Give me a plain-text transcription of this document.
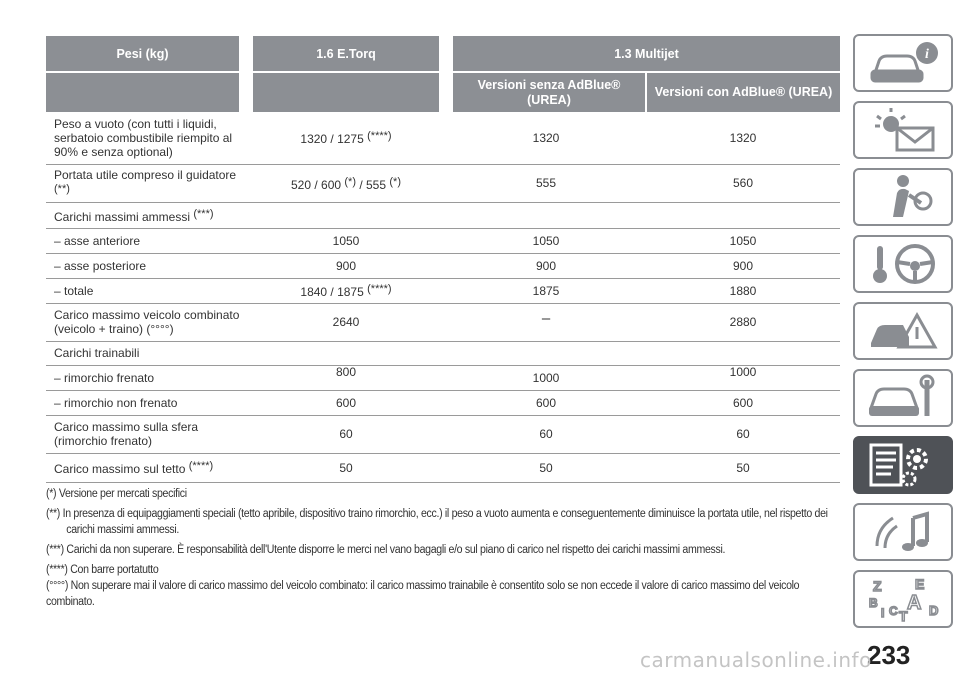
Pesi (kg)	1.6 E.Torq	1.3 Multijet	
		Versioni senza AdBlue® (UREA)	Versioni con AdBlue® (UREA)
Peso a vuoto (con tutti i liquidi, serbatoio combustibile riempito al 90% e senza optional)	1320 / 1275 (****)	1320	1320
Portata utile compreso il guidatore (**)	520 / 600 (*) / 555 (*)	555	560
Carichi massimi ammessi (***)			
– asse anteriore	1050	1050	1050
– asse posteriore	900	900	900
– totale	1840 / 1875 (****)	1875	1880
Carico massimo veicolo combinato (veicolo + traino) (°°°°)	2640	–	2880
Carichi trainabili			
– rimorchio frenato	800	1000	1000
– rimorchio non frenato	600	600	600
Carico massimo sulla sfera (rimorchio frenato)	60	60	60
Carico massimo sul tetto (****)	50	50	50

(*) Versione per mercati specifici

(**) In presenza di equipaggiamenti speciali (tetto apribile, dispositivo traino rimorchio, ecc.) il peso a vuoto aumenta e conseguentemente diminuisce la portata utile, nel rispetto dei carichi massimi ammessi.

(***) Carichi da non superare. È responsabilità dell'Utente disporre le merci nel vano bagagli e/o sul piano di carico nel rispetto dei carichi massimi ammessi.

(****) Con barre portatutto

(°°°°) Non superare mai il valore di carico massimo del veicolo combinato: il carico massimo trainabile è consentito solo se non eccede il valore di carico massimo del veicolo combinato.

i
Z E
B A
C D
I T
233
carmanualsonline.info
